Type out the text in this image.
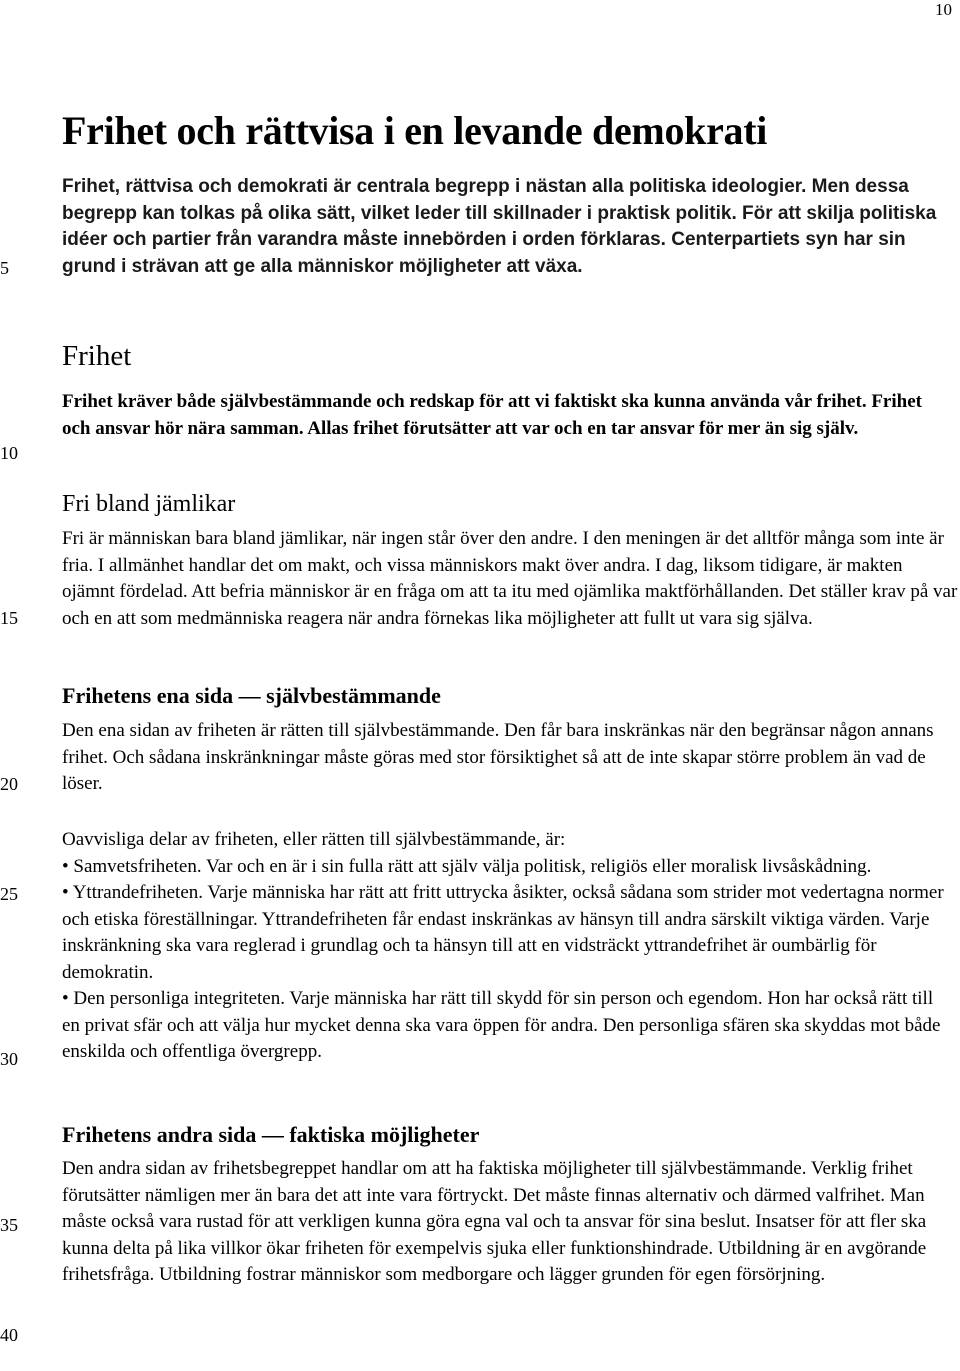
10
5
10
15
20
25
30
35
40
Frihet och rättvisa i en levande demokrati

Frihet, rättvisa och demokrati är centrala begrepp i nästan alla politiska ideologier. Men dessa begrepp kan tolkas på olika sätt, vilket leder till skillnader i praktisk politik. För att skilja politiska idéer och partier från varandra måste innebörden i orden förklaras. Centerpartiets syn har sin grund i strävan att ge alla människor möjligheter att växa.

Frihet

Frihet kräver både självbestämmande och redskap för att vi faktiskt ska kunna använda vår frihet. Frihet och ansvar hör nära samman. Allas frihet förutsätter att var och en tar ansvar för mer än sig själv.

Fri bland jämlikar

Fri är människan bara bland jämlikar, när ingen står över den andre. I den meningen är det alltför många som inte är fria. I allmänhet handlar det om makt, och vissa människors makt över andra. I dag, liksom tidigare, är makten ojämnt fördelad. Att befria människor är en fråga om att ta itu med ojämlika maktförhållanden. Det ställer krav på var och en att som medmänniska reagera när andra förnekas lika möjligheter att fullt ut vara sig själva.

Frihetens ena sida — självbestämmande

Den ena sidan av friheten är rätten till självbestämmande. Den får bara inskränkas när den begränsar någon annans frihet. Och sådana inskränkningar måste göras med stor försiktighet så att de inte skapar större problem än vad de löser.

Oavvisliga delar av friheten, eller rätten till självbestämmande, är:

• Samvetsfriheten. Var och en är i sin fulla rätt att själv välja politisk, religiös eller moralisk livsåskådning.

• Yttrandefriheten. Varje människa har rätt att fritt uttrycka åsikter, också sådana som strider mot vedertagna normer och etiska föreställningar. Yttrandefriheten får endast inskränkas av hänsyn till andra särskilt viktiga värden. Varje inskränkning ska vara reglerad i grundlag och ta hänsyn till att en vidsträckt yttrandefrihet är oumbärlig för demokratin.

• Den personliga integriteten. Varje människa har rätt till skydd för sin person och egendom. Hon har också rätt till en privat sfär och att välja hur mycket denna ska vara öppen för andra. Den personliga sfären ska skyddas mot både enskilda och offentliga övergrepp.

Frihetens andra sida — faktiska möjligheter

Den andra sidan av frihetsbegreppet handlar om att ha faktiska möjligheter till självbestämmande. Verklig frihet förutsätter nämligen mer än bara det att inte vara förtryckt. Det måste finnas alternativ och därmed valfrihet. Man måste också vara rustad för att verkligen kunna göra egna val och ta ansvar för sina beslut. Insatser för att fler ska kunna delta på lika villkor ökar friheten för exempelvis sjuka eller funktionshindrade. Utbildning är en avgörande frihetsfråga. Utbildning fostrar människor som medborgare och lägger grunden för egen försörjning.
